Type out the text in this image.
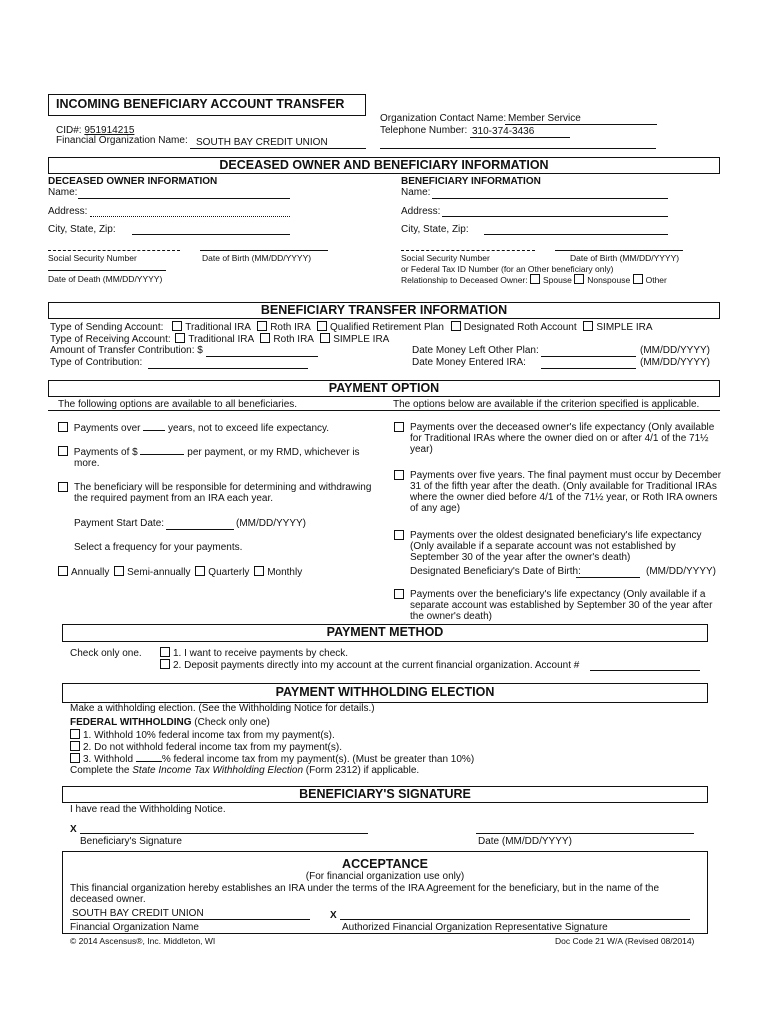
INCOMING BENEFICIARY ACCOUNT TRANSFER
CID#: 951914215
Financial Organization Name: SOUTH BAY CREDIT UNION
Organization Contact Name: Member Service
Telephone Number: 310-374-3436
DECEASED OWNER AND BENEFICIARY INFORMATION
DECEASED OWNER INFORMATION
Name:
Address:
City, State, Zip:
Social Security Number	Date of Birth (MM/DD/YYYY)
Date of Death (MM/DD/YYYY)
BENEFICIARY INFORMATION
Name:
Address:
City, State, Zip:
Social Security Number	Date of Birth (MM/DD/YYYY)
or Federal Tax ID Number (for an Other beneficiary only)
Relationship to Deceased Owner: Spouse Nonspouse Other
BENEFICIARY TRANSFER INFORMATION
Type of Sending Account: Traditional IRA Roth IRA Qualified Retirement Plan Designated Roth Account SIMPLE IRA
Type of Receiving Account: Traditional IRA Roth IRA SIMPLE IRA
Amount of Transfer Contribution: $
Type of Contribution:
Date Money Left Other Plan:	(MM/DD/YYYY)
Date Money Entered IRA:	(MM/DD/YYYY)
PAYMENT OPTION
The following options are available to all beneficiaries.	The options below are available if the criterion specified is applicable.
Payments over	years, not to exceed life expectancy.
Payments of $	per payment, or my RMD, whichever is
more.
The beneficiary will be responsible for determining and withdrawing the required payment from an IRA each year.
Payment Start Date:	(MM/DD/YYYY)
Select a frequency for your payments.
Annually Semi-annually Quarterly Monthly
Payments over the deceased owner's life expectancy (Only available for Traditional IRAs where the owner died on or after 4/1 of the 71½ year)
Payments over five years. The final payment must occur by December 31 of the fifth year after the death. (Only available for Traditional IRAs where the owner died before 4/1 of the 71½ year, or Roth IRA owners of any age)
Payments over the oldest designated beneficiary's life expectancy (Only available if a separate account was not established by September 30 of the year after the owner's death)
Designated Beneficiary's Date of Birth:	(MM/DD/YYYY)
Payments over the beneficiary's life expectancy (Only available if a separate account was established by September 30 of the year after the owner's death)
PAYMENT METHOD
Check only one.	1. I want to receive payments by check.
2. Deposit payments directly into my account at the current financial organization. Account #
PAYMENT WITHHOLDING ELECTION
Make a withholding election. (See the Withholding Notice for details.)
FEDERAL WITHHOLDING (Check only one)
1. Withhold 10% federal income tax from my payment(s).
2. Do not withhold federal income tax from my payment(s).
3. Withhold	% federal income tax from my payment(s). (Must be greater than 10%)
Complete the State Income Tax Withholding Election (Form 2312) if applicable.
BENEFICIARY'S SIGNATURE
I have read the Withholding Notice.
X
Beneficiary's Signature	Date (MM/DD/YYYY)
ACCEPTANCE
(For financial organization use only)
This financial organization hereby establishes an IRA under the terms of the IRA Agreement for the beneficiary, but in the name of the deceased owner.
SOUTH BAY CREDIT UNION
Financial Organization Name
X
Authorized Financial Organization Representative Signature
© 2014 Ascensus®, Inc. Middleton, WI	Doc Code 21 W/A (Revised 08/2014)
